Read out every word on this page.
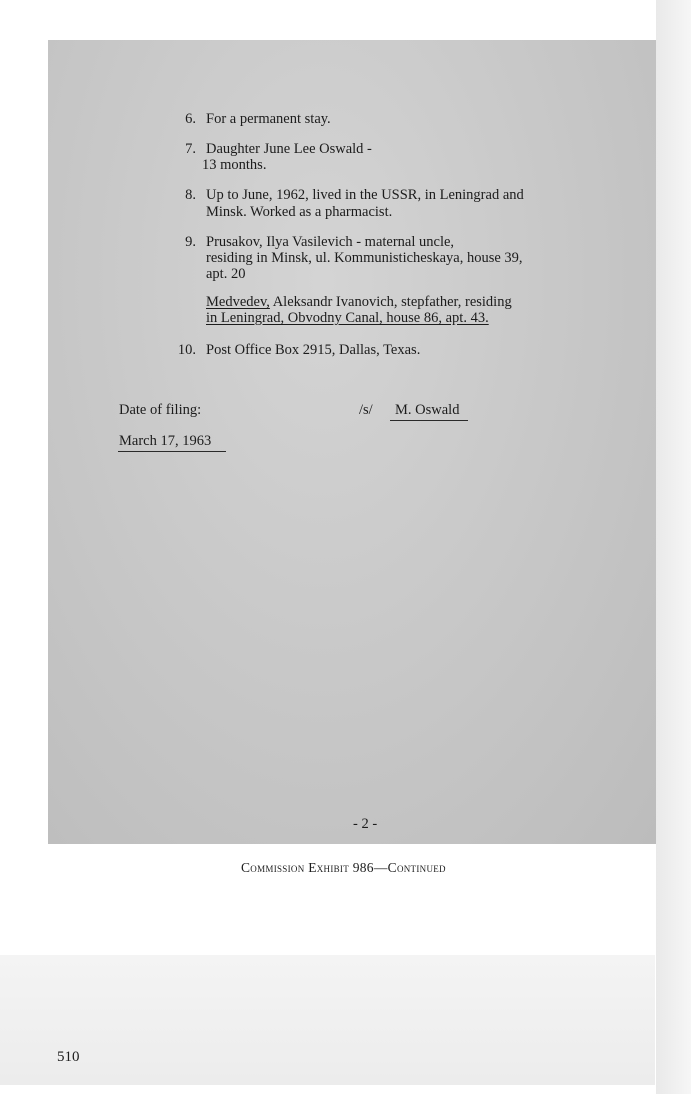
6. For a permanent stay.
7. Daughter June Lee Oswald -
13 months.
8. Up to June, 1962, lived in the USSR, in Leningrad and
Minsk. Worked as a pharmacist.
9. Prusakov, Ilya Vasilevich - maternal uncle,
residing in Minsk, ul. Kommunisticheskaya, house 39,
apt. 20
Medvedev, Aleksandr Ivanovich, stepfather, residing
in Leningrad, Obvodny Canal, house 86, apt. 43.
10. Post Office Box 2915, Dallas, Texas.
Date of filing:	/s/ M. Oswald
March 17, 1963
- 2 -
Commission Exhibit 986—Continued
510
